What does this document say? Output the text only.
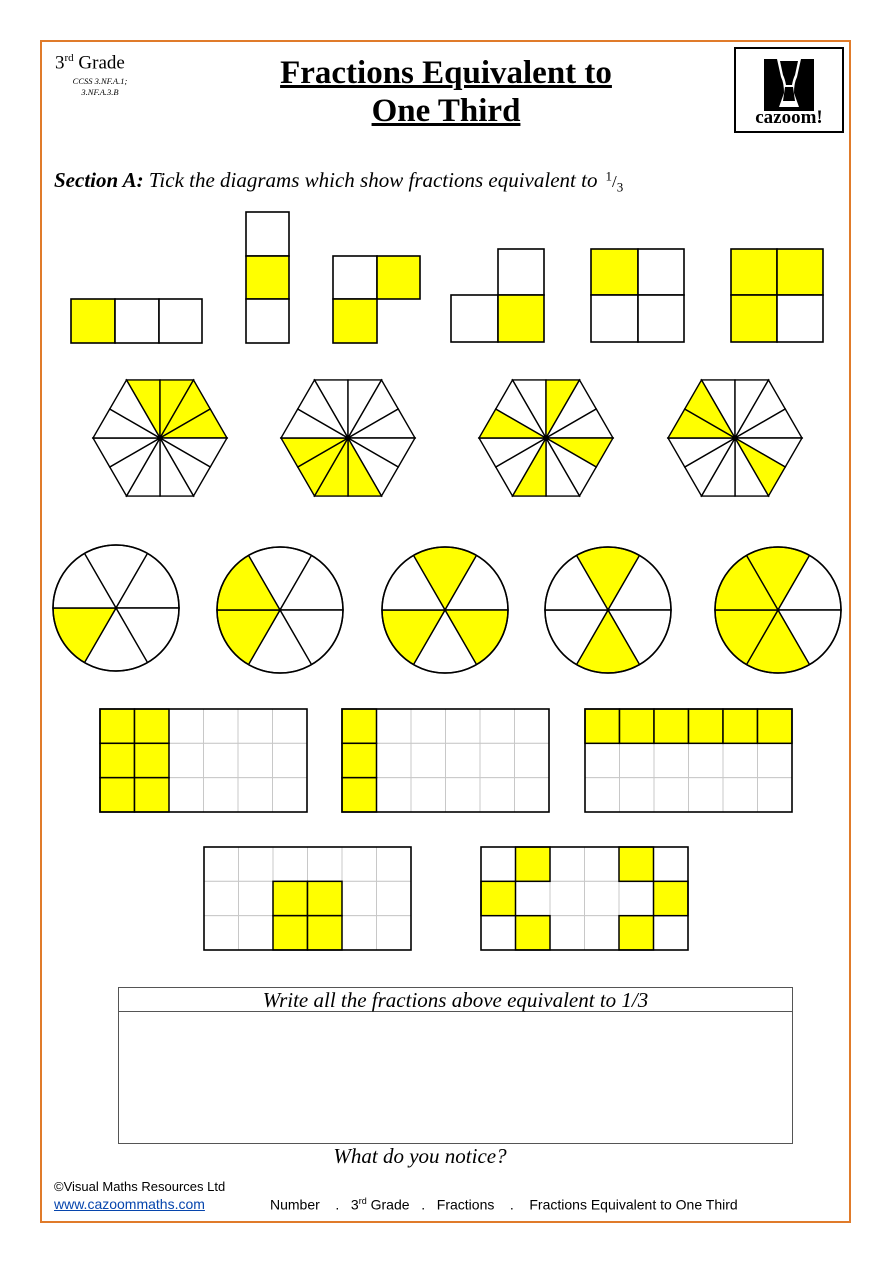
3rd Grade
CCSS 3.NF.A.1; 3.NF.A.3.B
Fractions Equivalent to
One Third	cazoom!
Section A: Tick the diagrams which show fractions equivalent to $^1/_3$
Write all the fractions above equivalent to 1/3
What do you notice?
©Visual Maths Resources Ltd
www.cazoommaths.com	Number . 3rd Grade . Fractions . Fractions Equivalent to One Third
